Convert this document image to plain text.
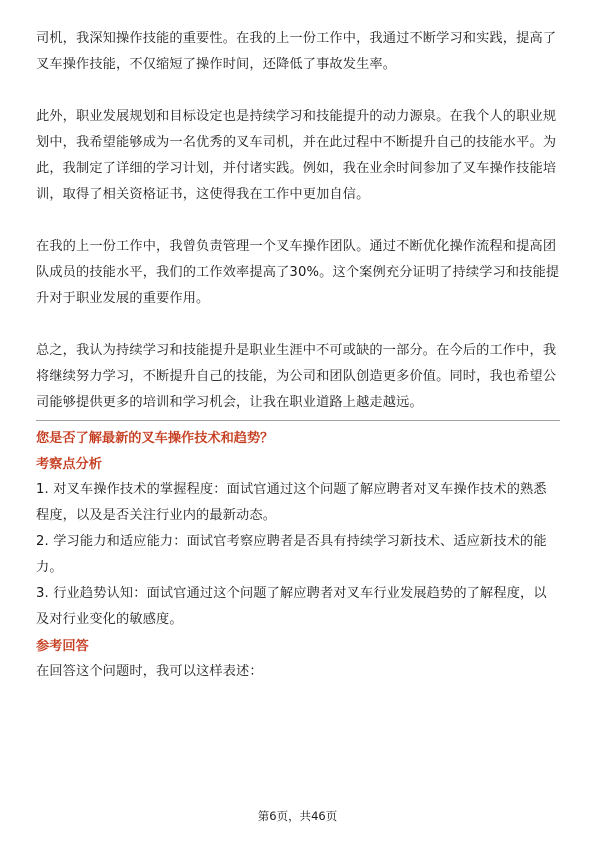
司机，我深知操作技能的重要性。在我的上一份工作中，我通过不断学习和实践，提高了叉车操作技能，不仅缩短了操作时间，还降低了事故发生率。

此外，职业发展规划和目标设定也是持续学习和技能提升的动力源泉。在我个人的职业规划中，我希望能够成为一名优秀的叉车司机，并在此过程中不断提升自己的技能水平。为此，我制定了详细的学习计划，并付诸实践。例如，我在业余时间参加了叉车操作技能培训，取得了相关资格证书，这使得我在工作中更加自信。

在我的上一份工作中，我曾负责管理一个叉车操作团队。通过不断优化操作流程和提高团队成员的技能水平，我们的工作效率提高了30%。这个案例充分证明了持续学习和技能提升对于职业发展的重要作用。

总之，我认为持续学习和技能提升是职业生涯中不可或缺的一部分。在今后的工作中，我将继续努力学习，不断提升自己的技能，为公司和团队创造更多价值。同时，我也希望公司能够提供更多的培训和学习机会，让我在职业道路上越走越远。

您是否了解最新的叉车操作技术和趋势？

考察点分析

1. 对叉车操作技术的掌握程度：面试官通过这个问题了解应聘者对叉车操作技术的熟悉程度，以及是否关注行业内的最新动态。

2. 学习能力和适应能力：面试官考察应聘者是否具有持续学习新技术、适应新技术的能力。

3. 行业趋势认知：面试官通过这个问题了解应聘者对叉车行业发展趋势的了解程度，以及对行业变化的敏感度。

参考回答

在回答这个问题时，我可以这样表述：

第6页，共46页
